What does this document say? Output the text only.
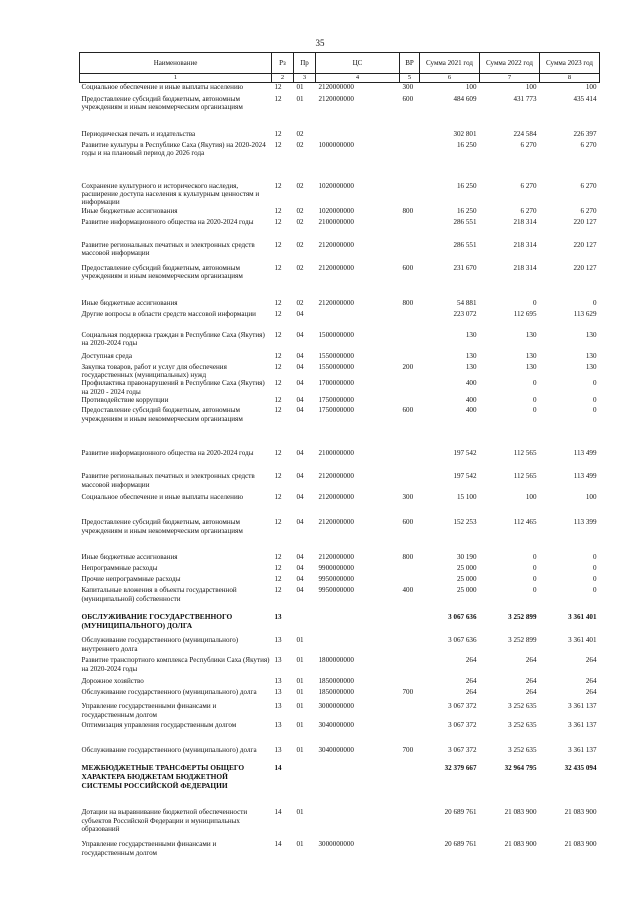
35
Наименование	Рз	Пр	ЦС	ВР	Сумма 2021 год	Сумма 2022 год	Сумма 2023 год
1	2	3	4	5	6	7	8
Социальное обеспечение и иные выплаты населению	12	01	2120000000	300	100	100	100
Предоставление субсидий бюджетным, автономным учреждениям и иным некоммерческим организациям	12	01	2120000000	600	484 609	431 773	435 414
Периодическая печать и издательства	12	02			302 801	224 584	226 397
Развитие культуры в Республике Саха (Якутия) на 2020-2024 годы и на плановый период до 2026 года	12	02	1000000000		16 250	6 270	6 270
Сохранение культурного и исторического наследия, расширение доступа населения к культурным ценностям и информации	12	02	1020000000		16 250	6 270	6 270
Иные бюджетные ассигнования	12	02	1020000000	800	16 250	6 270	6 270
Развитие информационного общества на 2020-2024 годы	12	02	2100000000		286 551	218 314	220 127
Развитие региональных печатных и электронных средств массовой информации	12	02	2120000000		286 551	218 314	220 127
Предоставление субсидий бюджетным, автономным учреждениям и иным некоммерческим организациям	12	02	2120000000	600	231 670	218 314	220 127
Иные бюджетные ассигнования	12	02	2120000000	800	54 881	0	0
Другие вопросы в области средств массовой информации	12	04			223 072	112 695	113 629
Социальная поддержка граждан в Республике Саха (Якутия) на 2020-2024 годы	12	04	1500000000		130	130	130
Доступная среда	12	04	1550000000		130	130	130
Закупка товаров, работ и услуг для обеспечения государственных (муниципальных) нужд	12	04	1550000000	200	130	130	130
Профилактика правонарушений в Республике Саха (Якутия) на 2020 - 2024 годы	12	04	1700000000		400	0	0
Противодействие коррупции	12	04	1750000000		400	0	0
Предоставление субсидий бюджетным, автономным учреждениям и иным некоммерческим организациям	12	04	1750000000	600	400	0	0
Развитие информационного общества на 2020-2024 годы	12	04	2100000000		197 542	112 565	113 499
Развитие региональных печатных и электронных средств массовой информации	12	04	2120000000		197 542	112 565	113 499
Социальное обеспечение и иные выплаты населению	12	04	2120000000	300	15 100	100	100
Предоставление субсидий бюджетным, автономным учреждениям и иным некоммерческим организациям	12	04	2120000000	600	152 253	112 465	113 399
Иные бюджетные ассигнования	12	04	2120000000	800	30 190	0	0
Непрограммные расходы	12	04	9900000000		25 000	0	0
Прочие непрограммные расходы	12	04	9950000000		25 000	0	0
Капитальные вложения в объекты государственной (муниципальной) собственности	12	04	9950000000	400	25 000	0	0
ОБСЛУЖИВАНИЕ ГОСУДАРСТВЕННОГО (МУНИЦИПАЛЬНОГО) ДОЛГА	13				3 067 636	3 252 899	3 361 401
Обслуживание государственного (муниципального) внутреннего долга	13	01			3 067 636	3 252 899	3 361 401
Развитие транспортного комплекса Республики Саха (Якутия) на 2020-2024 годы	13	01	1800000000		264	264	264
Дорожное хозяйство	13	01	1850000000		264	264	264
Обслуживание государственного (муниципального) долга	13	01	1850000000	700	264	264	264
Управление государственными финансами и государственным долгом	13	01	3000000000		3 067 372	3 252 635	3 361 137
Оптимизация управления государственным долгом	13	01	3040000000		3 067 372	3 252 635	3 361 137
Обслуживание государственного (муниципального) долга	13	01	3040000000	700	3 067 372	3 252 635	3 361 137
МЕЖБЮДЖЕТНЫЕ ТРАНСФЕРТЫ ОБЩЕГО ХАРАКТЕРА БЮДЖЕТАМ БЮДЖЕТНОЙ СИСТЕМЫ РОССИЙСКОЙ ФЕДЕРАЦИИ	14				32 379 667	32 964 795	32 435 094
Дотации на выравнивание бюджетной обеспеченности субъектов Российской Федерации и муниципальных образований	14	01			20 689 761	21 083 900	21 083 900
Управление государственными финансами и государственным долгом	14	01	3000000000		20 689 761	21 083 900	21 083 900
